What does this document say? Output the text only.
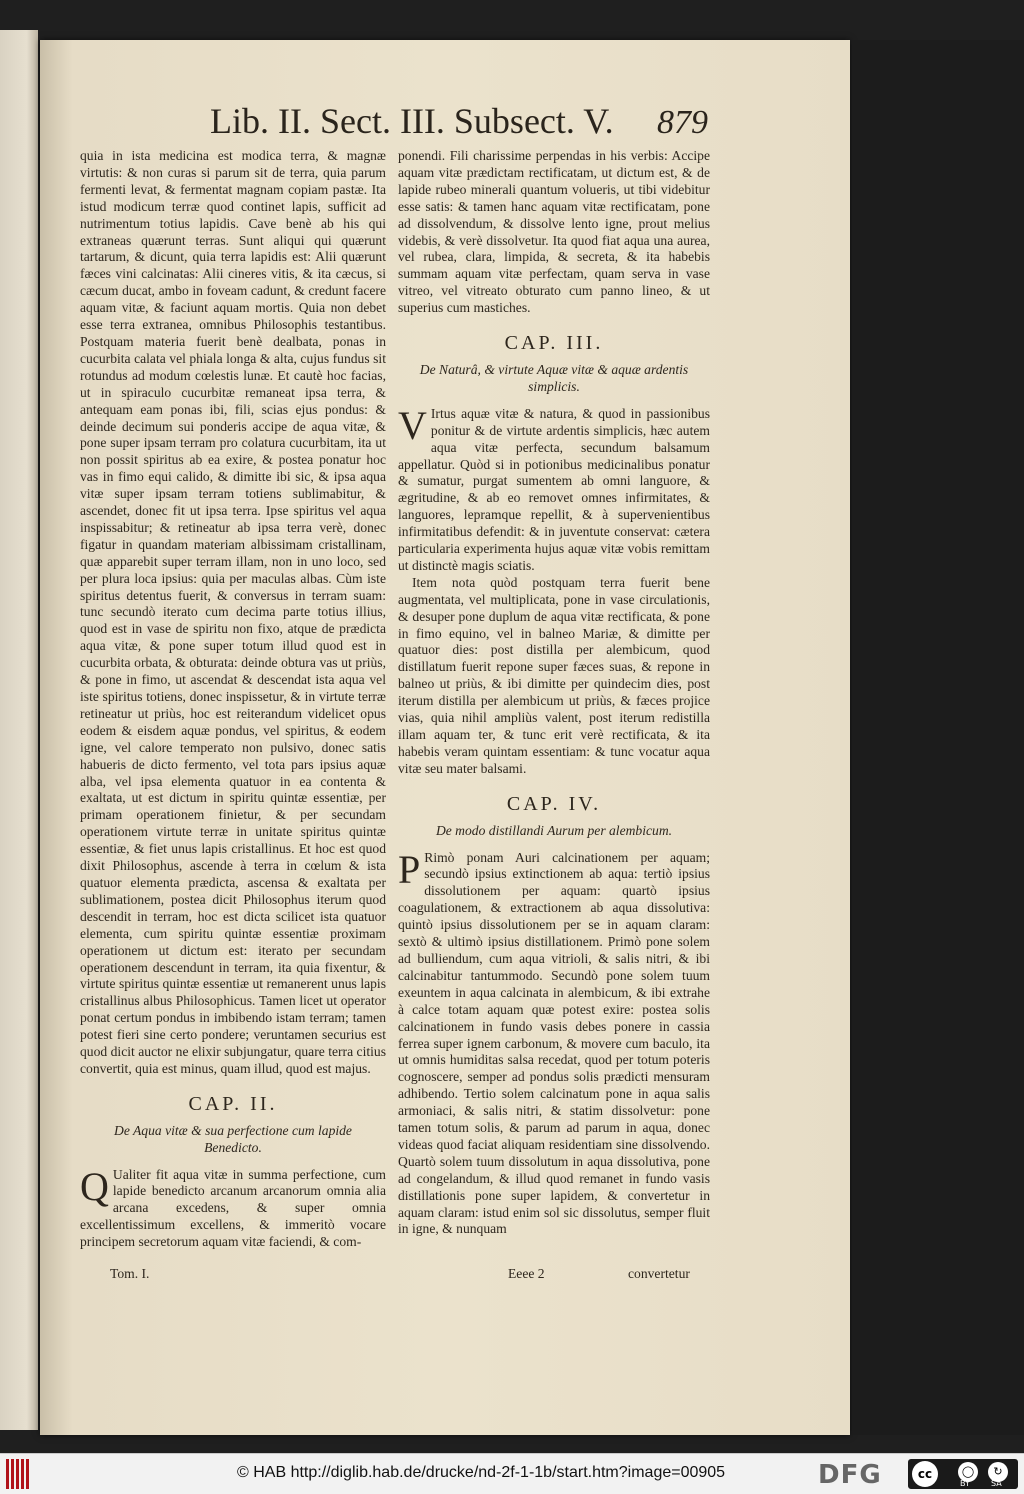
Lib. II. Sect. III. Subsect. V.	879

quia in ista medicina est modica terra, & magnæ virtutis: & non curas si parum sit de terra, quia parum fermenti levat, & fermentat magnam copiam pastæ. Ita istud modicum terræ quod continet lapis, sufficit ad nutrimentum totius lapidis. Cave benè ab his qui extraneas quærunt terras. Sunt aliqui qui quærunt tartarum, & dicunt, quia terra lapidis est: Alii quærunt fæces vini calcinatas: Alii cineres vitis, & ita cæcus, si cæcum ducat, ambo in foveam cadunt, & credunt facere aquam vitæ, & faciunt aquam mortis. Quia non debet esse terra extranea, omnibus Philosophis testantibus. Postquam materia fuerit benè dealbata, ponas in cucurbita calata vel phiala longa & alta, cujus fundus sit rotundus ad modum cœlestis lunæ. Et cautè hoc facias, ut in spiraculo cucurbitæ remaneat ipsa terra, & antequam eam ponas ibi, fili, scias ejus pondus: & deinde decimum sui ponderis accipe de aqua vitæ, & pone super ipsam terram pro colatura cucurbitam, ita ut non possit spiritus ab ea exire, & postea ponatur hoc vas in fimo equi calido, & dimitte ibi sic, & ipsa aqua vitæ super ipsam terram totiens sublimabitur, & ascendet, donec fit ut ipsa terra. Ipse spiritus vel aqua inspissabitur; & retineatur ab ipsa terra verè, donec figatur in quandam materiam albissimam cristallinam, quæ apparebit super terram illam, non in uno loco, sed per plura loca ipsius: quia per maculas albas. Cùm iste spiritus detentus fuerit, & conversus in terram suam: tunc secundò iterato cum decima parte totius illius, quod est in vase de spiritu non fixo, atque de prædicta aqua vitæ, & pone super totum illud quod est in cucurbita orbata, & obturata: deinde obtura vas ut priùs, & pone in fimo, ut ascendat & descendat ista aqua vel iste spiritus totiens, donec inspissetur, & in virtute terræ retineatur ut priùs, hoc est reiterandum videlicet opus eodem & eisdem aquæ pondus, vel spiritus, & eodem igne, vel calore temperato non pulsivo, donec satis habueris de dicto fermento, vel tota pars ipsius aquæ alba, vel ipsa elementa quatuor in ea contenta & exaltata, ut est dictum in spiritu quintæ essentiæ, per primam operationem finietur, & per secundam operationem virtute terræ in unitate spiritus quintæ essentiæ, & fiet unus lapis cristallinus. Et hoc est quod dixit Philosophus, ascende à terra in cœlum & ista quatuor elementa prædicta, ascensa & exaltata per sublimationem, postea dicit Philosophus iterum quod descendit in terram, hoc est dicta scilicet ista quatuor elementa, cum spiritu quintæ essentiæ proximam operationem ut dictum est: iterato per secundam operationem descendunt in terram, ita quia fixentur, & virtute spiritus quintæ essentiæ ut remanerent unus lapis cristallinus albus Philosophicus. Tamen licet ut operator ponat certum pondus in imbibendo istam terram; tamen potest fieri sine certo pondere; veruntamen securius est quod dicit auctor ne elixir subjungatur, quare terra citius convertit, quia est minus, quam illud, quod est majus.

CAP. II.
De Aqua vitæ & sua perfectione cum lapide Benedicto.

Q Ualiter fit aqua vitæ in summa perfectione, cum lapide benedicto arcanum arcanorum omnia alia arcana excedens, & super omnia excellentissimum excellens, & immeritò vocare principem secretorum aquam vitæ faciendi, & com-

ponendi. Fili charissime perpendas in his verbis: Accipe aquam vitæ prædictam rectificatam, ut dictum est, & de lapide rubeo minerali quantum volueris, ut tibi videbitur esse satis: & tamen hanc aquam vitæ rectificatam, pone ad dissolvendum, & dissolve lento igne, prout melius videbis, & verè dissolvetur. Ita quod fiat aqua una aurea, vel rubea, clara, limpida, & secreta, & ita habebis summam aquam vitæ perfectam, quam serva in vase vitreo, vel vitreato obturato cum panno lineo, & ut superius cum mastiches.

CAP. III.
De Naturâ, & virtute Aquæ vitæ & aquæ ardentis simplicis.

V Irtus aquæ vitæ & natura, & quod in passionibus ponitur & de virtute ardentis simplicis, hæc autem aqua vitæ perfecta, secundum balsamum appellatur. Quòd si in potionibus medicinalibus ponatur & sumatur, purgat sumentem ab omni languore, & ægritudine, & ab eo removet omnes infirmitates, & languores, lepramque repellit, & à supervenientibus infirmitatibus defendit: & in juventute conservat: cætera particularia experimenta hujus aquæ vitæ vobis remittam ut distinctè magis sciatis.

Item nota quòd postquam terra fuerit bene augmentata, vel multiplicata, pone in vase circulationis, & desuper pone duplum de aqua vitæ rectificata, & pone in fimo equino, vel in balneo Mariæ, & dimitte per quatuor dies: post distilla per alembicum, quod distillatum fuerit repone super fæces suas, & repone in balneo ut priùs, & ibi dimitte per quindecim dies, post iterum distilla per alembicum ut priùs, & fæces projice vias, quia nihil ampliùs valent, post iterum redistilla illam aquam ter, & tunc erit verè rectificata, & ita habebis veram quintam essentiam: & tunc vocatur aqua vitæ seu mater balsami.

CAP. IV.
De modo distillandi Aurum per alembicum.

P Rimò ponam Auri calcinationem per aquam; secundò ipsius extinctionem ab aqua: tertiò ipsius dissolutionem per aquam: quartò ipsius coagulationem, & extractionem ab aqua dissolutiva: quintò ipsius dissolutionem per se in aquam claram: sextò & ultimò ipsius distillationem. Primò pone solem ad bulliendum, cum aqua vitrioli, & salis nitri, & ibi calcinabitur tantummodo. Secundò pone solem tuum exeuntem in aqua calcinata in alembicum, & ibi extrahe à calce totam aquam quæ potest exire: postea solis calcinationem in fundo vasis debes ponere in cassia ferrea super ignem carbonum, & movere cum baculo, ita ut omnis humiditas salsa recedat, quod per totum poteris cognoscere, semper ad pondus solis prædicti mensuram adhibendo. Tertio solem calcinatum pone in aqua salis armoniaci, & salis nitri, & statim dissolvetur: pone tamen totum solis, & parum ad parum in aqua, donec videas quod faciat aliquam residentiam sine dissolvendo. Quartò solem tuum dissolutum in aqua dissolutiva, pone ad congelandum, & illud quod remanet in fundo vasis distillationis pone super lapidem, & convertetur in aquam claram: istud enim sol sic dissolutus, semper fluit in igne, & nunquam

Tom. I.	Eeee 2	convertetur
© HAB http://diglib.hab.de/drucke/nd-2f-1-1b/start.htm?image=00905	DFG	cc	◯	↻
BY	SA
